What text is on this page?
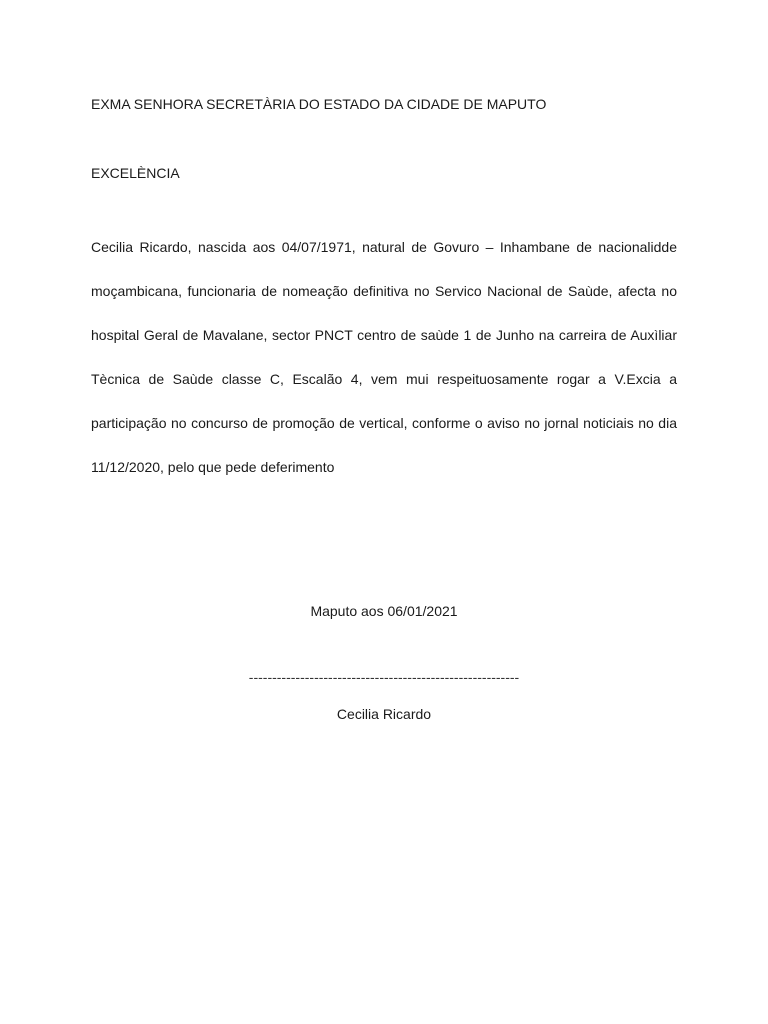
EXMA SENHORA SECRETÀRIA DO ESTADO DA CIDADE DE MAPUTO
EXCELÈNCIA

Cecilia Ricardo, nascida aos 04/07/1971, natural de Govuro – Inhambane de nacionalidde moçambicana, funcionaria de nomeação definitiva no Servico Nacional de Saùde, afecta no hospital Geral de Mavalane, sector PNCT centro de saùde 1 de Junho na carreira de Auxìliar Tècnica de Saùde classe C, Escalão 4, vem mui respeituosamente rogar a V.Excia a participação no concurso de promoção de vertical, conforme o aviso no jornal noticiais no dia 11/12/2020, pelo que pede deferimento

Maputo aos 06/01/2021
----------------------------------------------------------
Cecilia Ricardo
